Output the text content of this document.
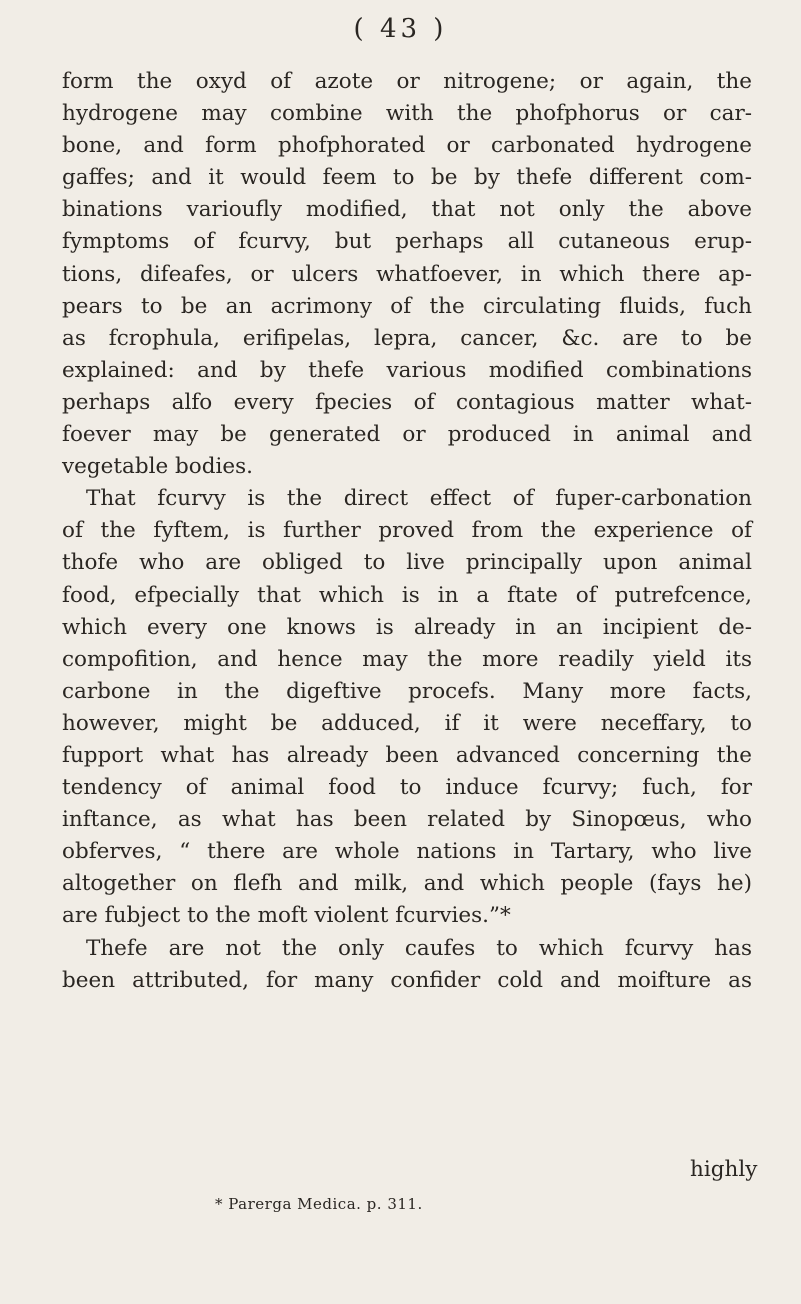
( 43 )
form the oxyd of azote or nitrogene; or again, the
hydrogene may combine with the phofphorus or car-
bone, and form phofphorated or carbonated hydrogene
gaffes; and it would feem to be by thefe different com-
binations varioufly modified, that not only the above
fymptoms of fcurvy, but perhaps all cutaneous erup-
tions, difeafes, or ulcers whatfoever, in which there ap-
pears to be an acrimony of the circulating fluids, fuch
as fcrophula, erifipelas, lepra, cancer, &c. are to be
explained: and by thefe various modified combinations
perhaps alfo every fpecies of contagious matter what-
foever may be generated or produced in animal and
vegetable bodies.
That fcurvy is the direct effect of fuper-carbonation
of the fyftem, is further proved from the experience of
thofe who are obliged to live principally upon animal
food, efpecially that which is in a ftate of putrefcence,
which every one knows is already in an incipient de-
compofition, and hence may the more readily yield its
carbone in the digeftive procefs. Many more facts,
however, might be adduced, if it were neceffary, to
fupport what has already been advanced concerning the
tendency of animal food to induce fcurvy; fuch, for
inftance, as what has been related by Sinopœus, who
obferves, “ there are whole nations in Tartary, who live
altogether on flefh and milk, and which people (fays he)
are fubject to the moft violent fcurvies.”*
Thefe are not the only caufes to which fcurvy has
been attributed, for many confider cold and moifture as
highly
* Parerga Medica. p. 311.
